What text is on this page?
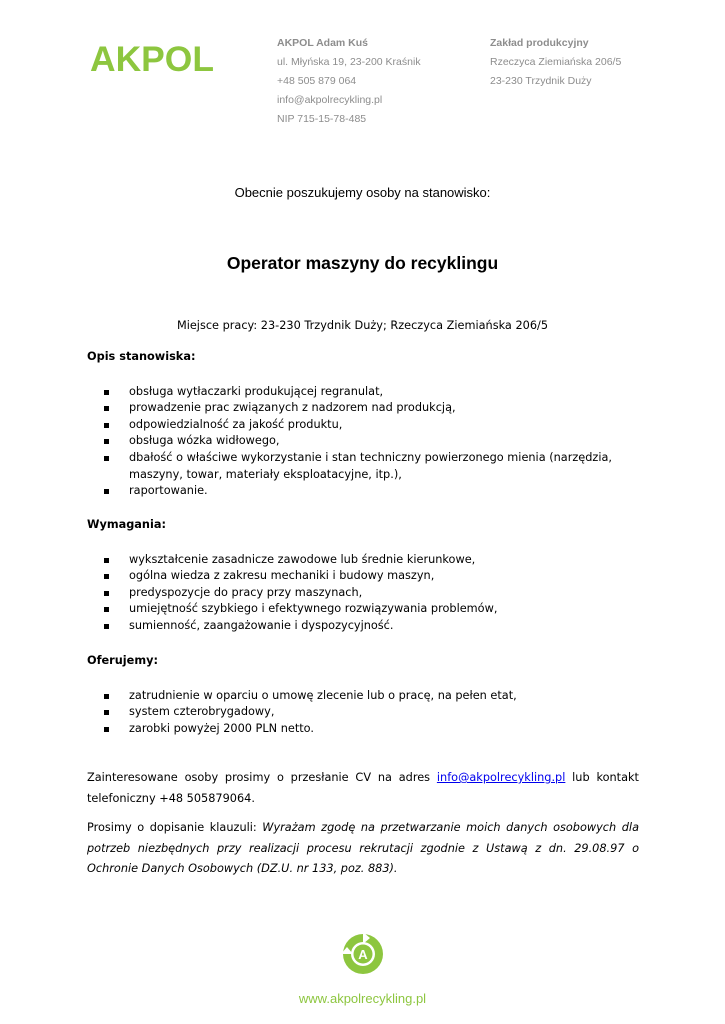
AKPOL	AKPOL Adam Kuś
ul. Młyńska 19, 23-200 Kraśnik
+48 505 879 064
info@akpolrecykling.pl
NIP 715-15-78-485
Zakład produkcyjny
Rzeczyca Ziemiańska 206/5
23-230 Trzydnik Duży
Obecnie poszukujemy osoby na stanowisko:
Operator maszyny do recyklingu
Miejsce pracy: 23-230 Trzydnik Duży; Rzeczyca Ziemiańska 206/5
Opis stanowiska:
obsługa wytłaczarki produkującej regranulat,
prowadzenie prac związanych z nadzorem nad produkcją,
odpowiedzialność za jakość produktu,
obsługa wózka widłowego,
dbałość o właściwe wykorzystanie i stan techniczny powierzonego mienia (narzędzia, maszyny, towar, materiały eksploatacyjne, itp.),
raportowanie.
Wymagania:
wykształcenie zasadnicze zawodowe lub średnie kierunkowe,
ogólna wiedza z zakresu mechaniki i budowy maszyn,
predyspozycje do pracy przy maszynach,
umiejętność szybkiego i efektywnego rozwiązywania problemów,
sumienność, zaangażowanie i dyspozycyjność.
Oferujemy:
zatrudnienie w oparciu o umowę zlecenie lub o pracę, na pełen etat,
system czterobrygadowy,
zarobki powyżej 2000 PLN netto.
Zainteresowane osoby prosimy o przesłanie CV na adres info@akpolrecykling.pl lub kontakt telefoniczny +48 505879064.
Prosimy o dopisanie klauzuli: Wyrażam zgodę na przetwarzanie moich danych osobowych dla potrzeb niezbędnych przy realizacji procesu rekrutacji zgodnie z Ustawą z dn. 29.08.97 o Ochronie Danych Osobowych (DZ.U. nr 133, poz. 883).
A
www.akpolrecykling.pl
